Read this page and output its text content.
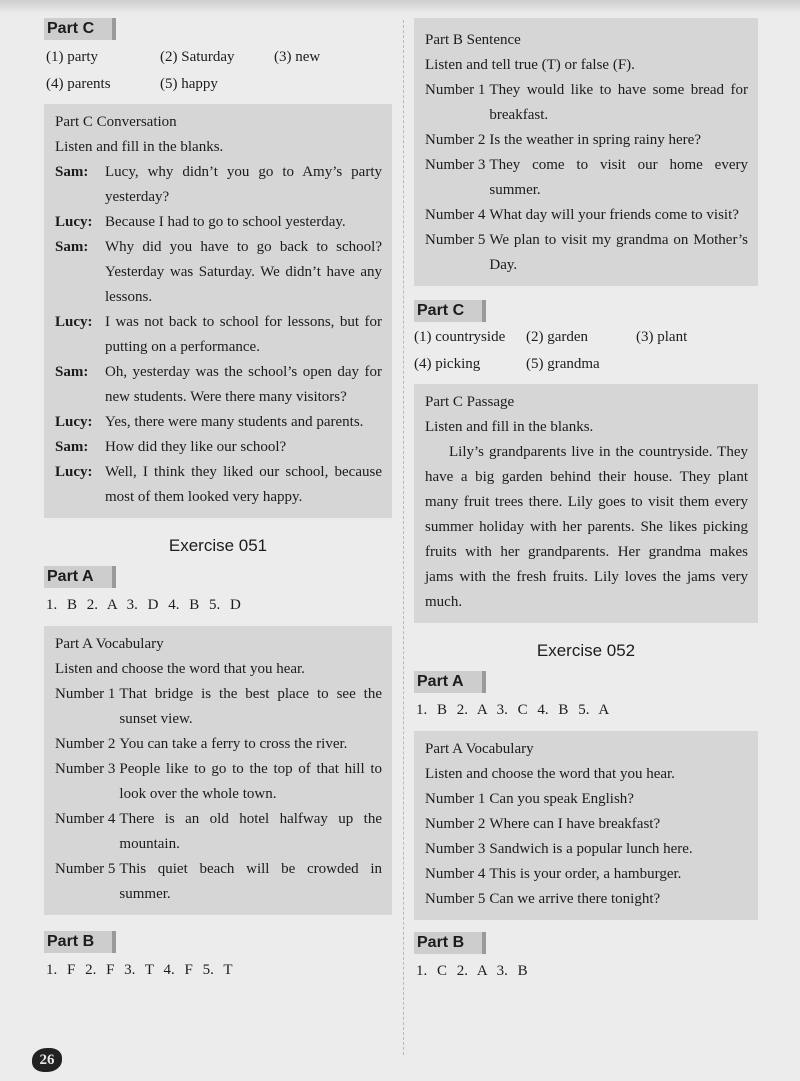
Part C
(1) party	(2) Saturday	(3) new
(4) parents	(5) happy
Part C Conversation
Listen and fill in the blanks.
Sam:	Lucy, why didn’t you go to Amy’s party yesterday?
Lucy: Because I had to go to school yesterday.
Sam:	Why did you have to go back to school? Yesterday was Saturday. We didn’t have any lessons.
Lucy: I was not back to school for lessons, but for putting on a performance.
Sam:	Oh, yesterday was the school’s open day for new students. Were there many visitors?
Lucy: Yes, there were many students and parents.
Sam:	How did they like our school?
Lucy: Well, I think they liked our school, because most of them looked very happy.
Exercise 051
Part A
1. B 2. A 3. D 4. B 5. D
Part A Vocabulary
Listen and choose the word that you hear.
Number 1 That bridge is the best place to see the sunset view.
Number 2 You can take a ferry to cross the river.
Number 3 People like to go to the top of that hill to look over the whole town.
Number 4 There is an old hotel halfway up the mountain.
Number 5 This quiet beach will be crowded in summer.
Part B
1. F 2. F 3. T 4. F 5. T
Part B Sentence
Listen and tell true (T) or false (F).
Number 1 They would like to have some bread for breakfast.
Number 2 Is the weather in spring rainy here?
Number 3 They come to visit our home every summer.
Number 4 What day will your friends come to visit?
Number 5 We plan to visit my grandma on Mother’s Day.
Part C
(1) countryside	(2) garden	(3) plant
(4) picking	(5) grandma
Part C Passage
Listen and fill in the blanks.
Lily’s grandparents live in the countryside. They have a big garden behind their house. They plant many fruit trees there. Lily goes to visit them every summer holiday with her parents. She likes picking fruits with her grandparents. Her grandma makes jams with the fresh fruits. Lily loves the jams very much.
Exercise 052
Part A
1. B 2. A 3. C 4. B 5. A
Part A Vocabulary
Listen and choose the word that you hear.
Number 1 Can you speak English?
Number 2 Where can I have breakfast?
Number 3 Sandwich is a popular lunch here.
Number 4 This is your order, a hamburger.
Number 5 Can we arrive there tonight?
Part B
1. C 2. A 3. B
26
